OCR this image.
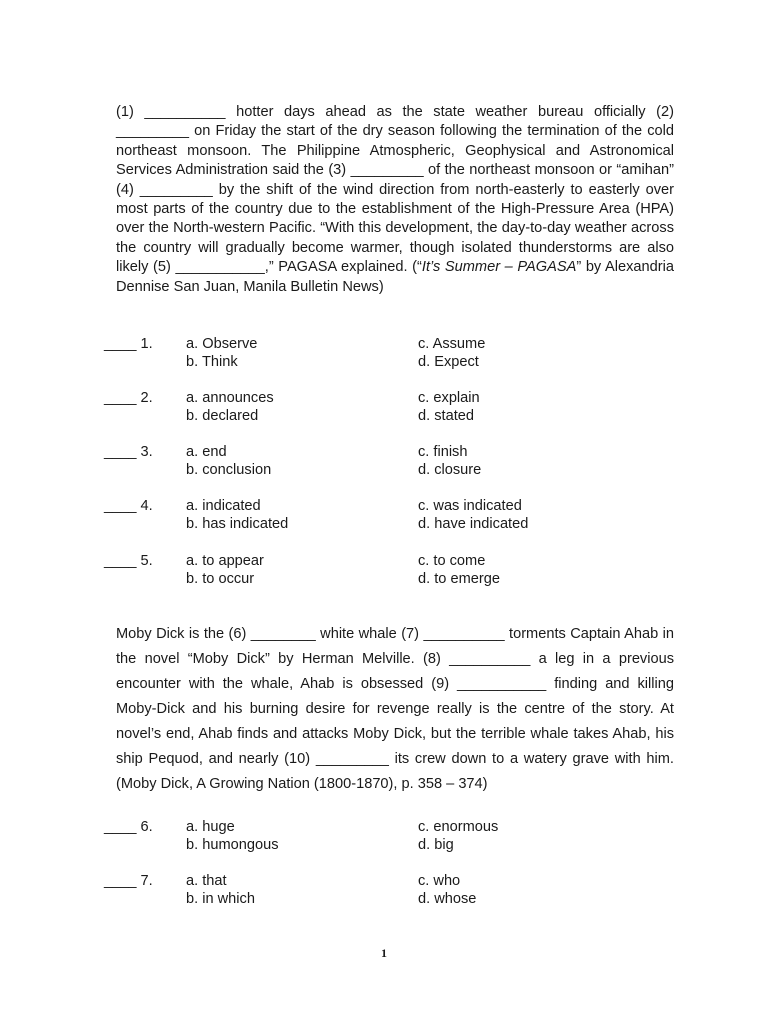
(1) __________ hotter days ahead as the state weather bureau officially (2) _________ on Friday the start of the dry season following the termination of the cold northeast monsoon. The Philippine Atmospheric, Geophysical and Astronomical Services Administration said the (3) _________ of the northeast monsoon or “amihan” (4) _________ by the shift of the wind direction from north-easterly to easterly over most parts of the country due to the establishment of the High-Pressure Area (HPA) over the North-western Pacific. “With this development, the day-to-day weather across the country will gradually become warmer, though isolated thunderstorms are also likely (5) ___________,” PAGASA explained. (“It’s Summer – PAGASA” by Alexandria Dennise San Juan, Manila Bulletin News)

____ 1. a. Observe
b. Think
c. Assume
d. Expect
____ 2. a. announces
b. declared
c. explain
d. stated
____ 3. a. end
b. conclusion
c. finish
d. closure
____ 4. a. indicated
b. has indicated
c. was indicated
d. have indicated
____ 5. a. to appear
b. to occur
c. to come
d. to emerge

Moby Dick is the (6) ________ white whale (7) __________ torments Captain Ahab in the novel “Moby Dick” by Herman Melville. (8) __________ a leg in a previous encounter with the whale, Ahab is obsessed (9) ___________ finding and killing Moby-Dick and his burning desire for revenge really is the centre of the story. At novel’s end, Ahab finds and attacks Moby Dick, but the terrible whale takes Ahab, his ship Pequod, and nearly (10) _________ its crew down to a watery grave with him. (Moby Dick, A Growing Nation (1800-1870), p. 358 – 374)

____ 6. a. huge
b. humongous
c. enormous
d. big
____ 7. a. that
b. in which
c. who
d. whose
1
